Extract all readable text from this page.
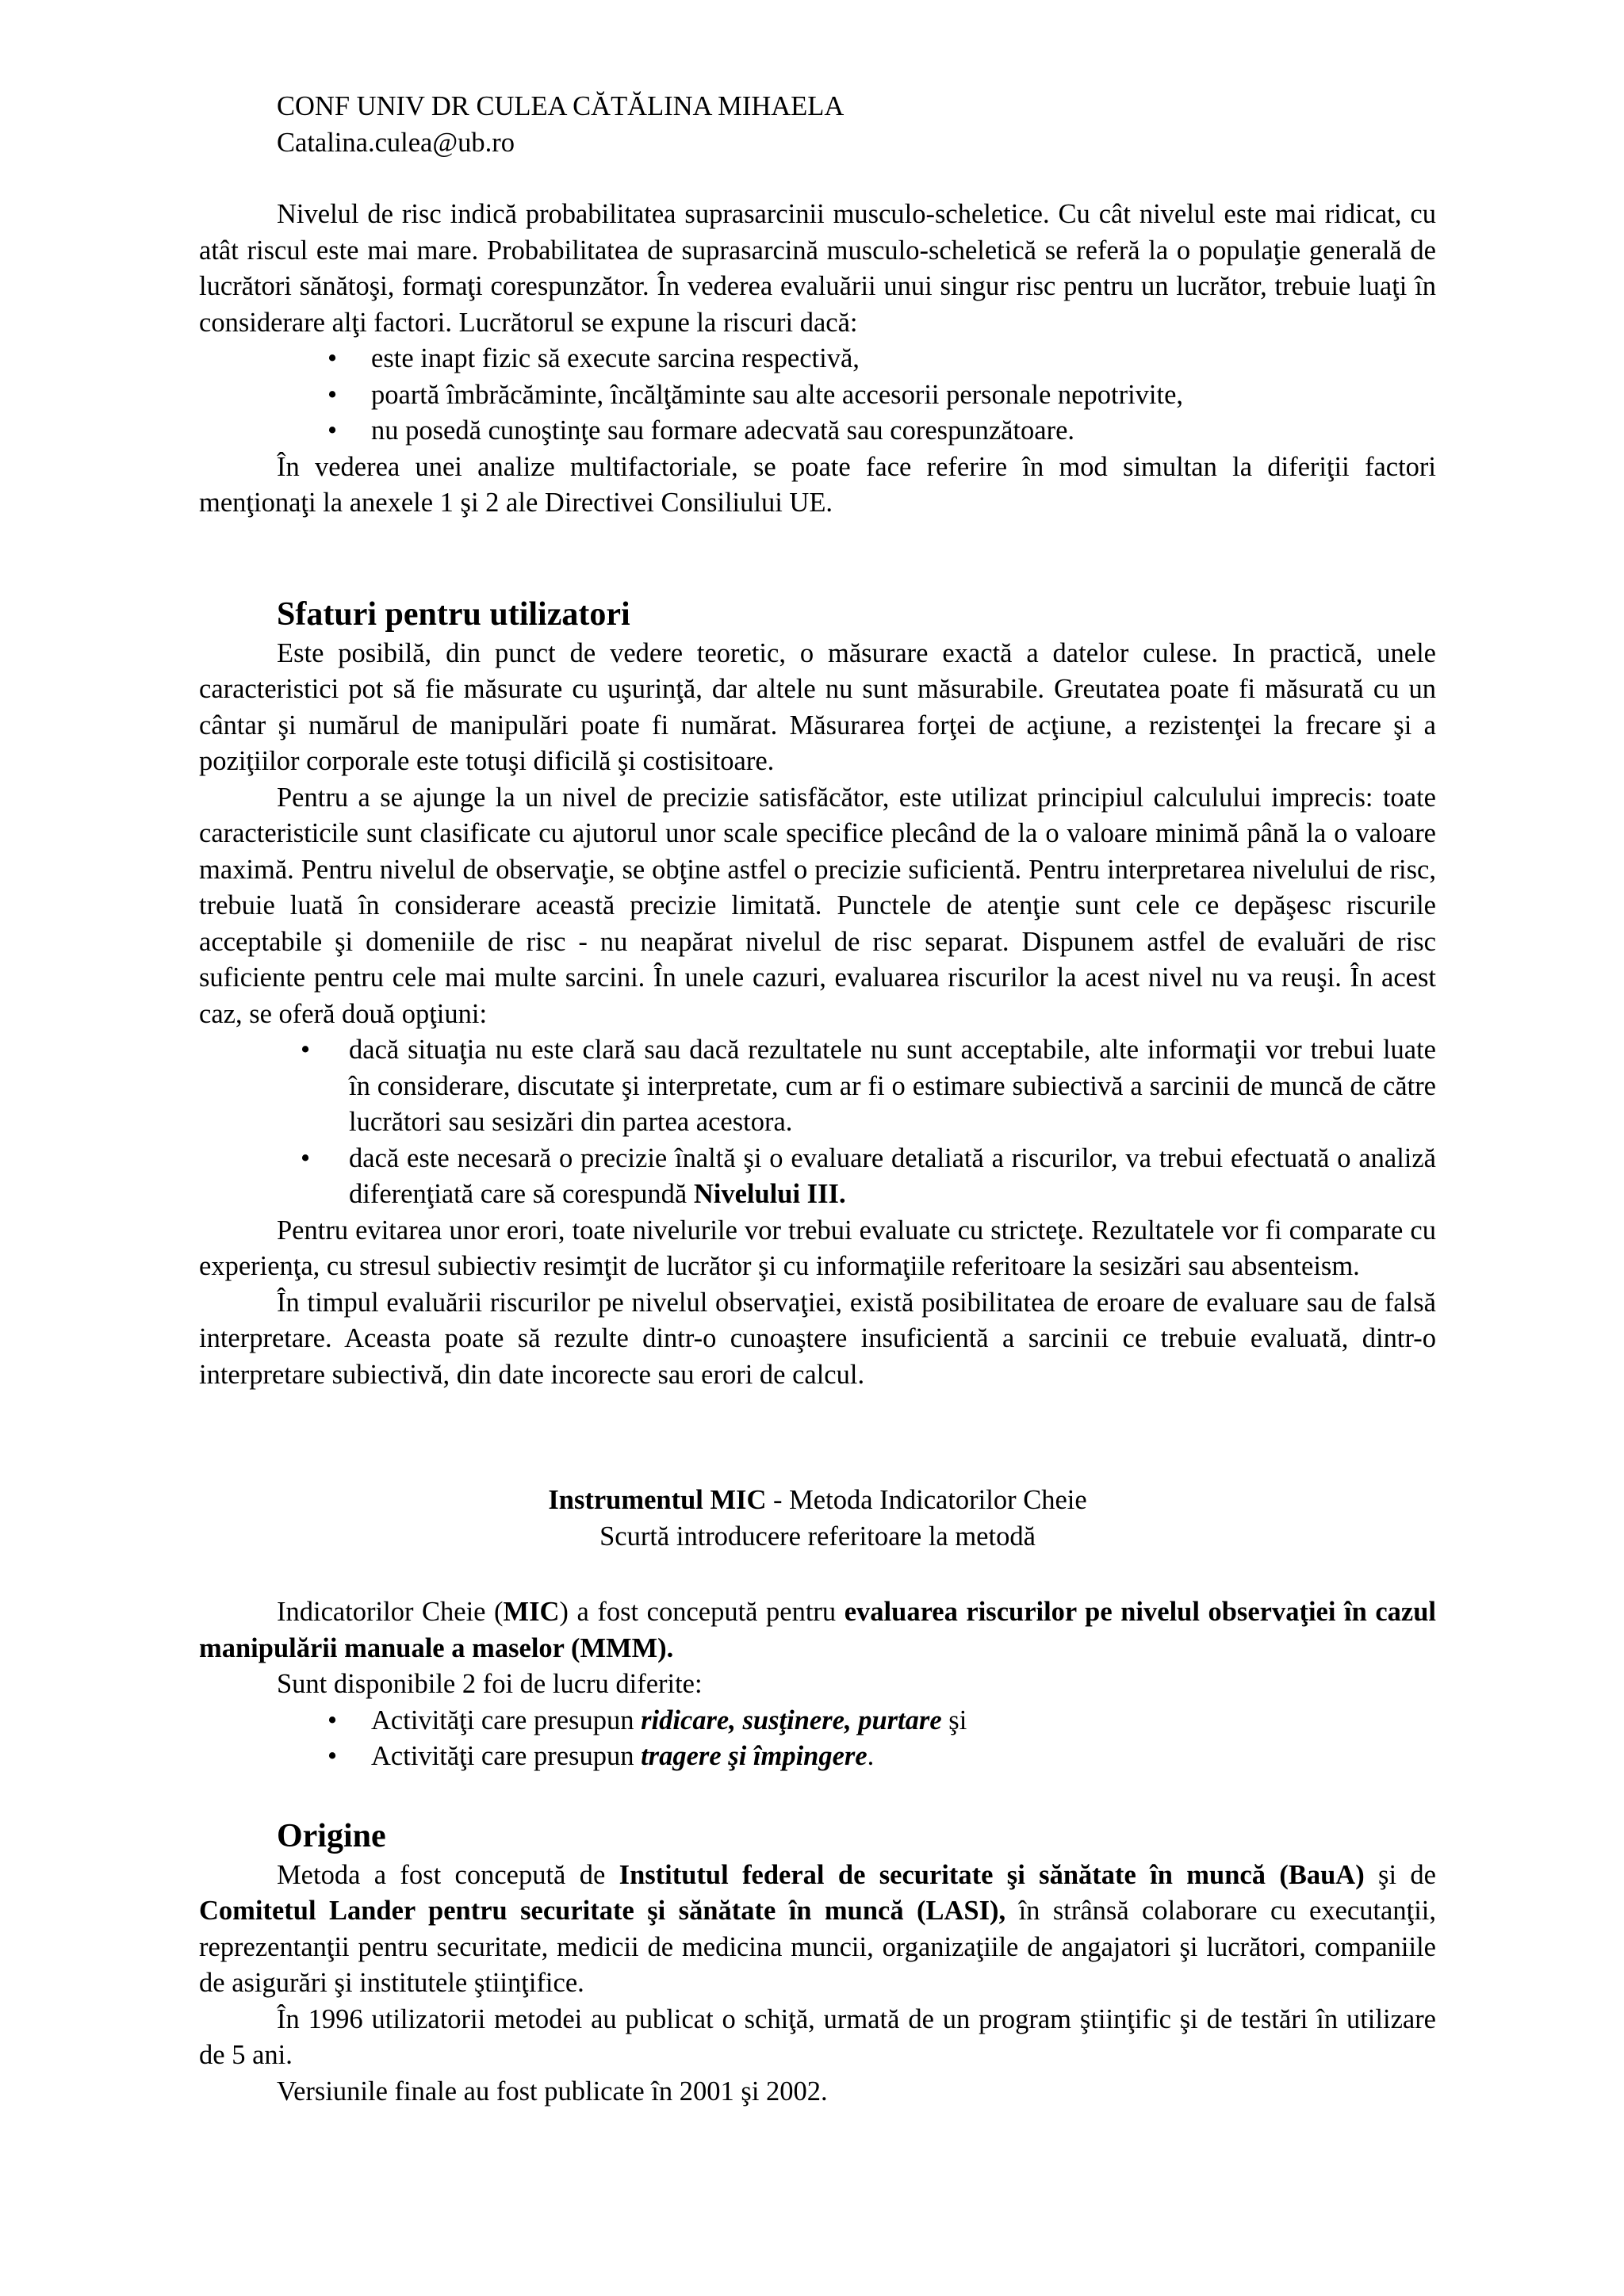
CONF UNIV DR CULEA CĂTĂLINA MIHAELA

Catalina.culea@ub.ro

Nivelul de risc indică probabilitatea suprasarcinii musculo-scheletice. Cu cât nivelul este mai ridicat, cu atât riscul este mai mare. Probabilitatea de suprasarcină musculo-scheletică se referă la o populaţie generală de lucrători sănătoşi, formaţi corespunzător. În vederea evaluării unui singur risc pentru un lucrător, trebuie luaţi în considerare alţi factori. Lucrătorul se expune la riscuri dacă:

• este inapt fizic să execute sarcina respectivă,
• poartă îmbrăcăminte, încălţăminte sau alte accesorii personale nepotrivite,
• nu posedă cunoştinţe sau formare adecvată sau corespunzătoare.

În vederea unei analize multifactoriale, se poate face referire în mod simultan la diferiţii factori menţionaţi la anexele 1 şi 2 ale Directivei Consiliului UE.

Sfaturi pentru utilizatori

Este posibilă, din punct de vedere teoretic, o măsurare exactă a datelor culese. In practică, unele caracteristici pot să fie măsurate cu uşurinţă, dar altele nu sunt măsurabile. Greutatea poate fi măsurată cu un cântar şi numărul de manipulări poate fi numărat. Măsurarea forţei de acţiune, a rezistenţei la frecare şi a poziţiilor corporale este totuşi dificilă şi costisitoare.

Pentru a se ajunge la un nivel de precizie satisfăcător, este utilizat principiul calculului imprecis: toate caracteristicile sunt clasificate cu ajutorul unor scale specifice plecând de la o valoare minimă până la o valoare maximă. Pentru nivelul de observaţie, se obţine astfel o precizie suficientă. Pentru interpretarea nivelului de risc, trebuie luată în considerare această precizie limitată. Punctele de atenţie sunt cele ce depăşesc riscurile acceptabile şi domeniile de risc - nu neapărat nivelul de risc separat. Dispunem astfel de evaluări de risc suficiente pentru cele mai multe sarcini. În unele cazuri, evaluarea riscurilor la acest nivel nu va reuşi. În acest caz, se oferă două opţiuni:

• dacă situaţia nu este clară sau dacă rezultatele nu sunt acceptabile, alte informaţii vor trebui luate în considerare, discutate şi interpretate, cum ar fi o estimare subiectivă a sarcinii de muncă de către lucrători sau sesizări din partea acestora.
• dacă este necesară o precizie înaltă şi o evaluare detaliată a riscurilor, va trebui efectuată o analiză diferenţiată care să corespundă Nivelului III.

Pentru evitarea unor erori, toate nivelurile vor trebui evaluate cu stricteţe. Rezultatele vor fi comparate cu experienţa, cu stresul subiectiv resimţit de lucrător şi cu informaţiile referitoare la sesizări sau absenteism.

În timpul evaluării riscurilor pe nivelul observaţiei, există posibilitatea de eroare de evaluare sau de falsă interpretare. Aceasta poate să rezulte dintr-o cunoaştere insuficientă a sarcinii ce trebuie evaluată, dintr-o interpretare subiectivă, din date incorecte sau erori de calcul.

Instrumentul MIC - Metoda Indicatorilor Cheie

Scurtă introducere referitoare la metodă

Indicatorilor Cheie (MIC) a fost concepută pentru evaluarea riscurilor pe nivelul observaţiei în cazul manipulării manuale a maselor (MMM).

Sunt disponibile 2 foi de lucru diferite:

• Activităţi care presupun ridicare, susţinere, purtare şi
• Activităţi care presupun tragere şi împingere.
Origine

Metoda a fost concepută de Institutul federal de securitate şi sănătate în muncă (BauA) şi de Comitetul Lander pentru securitate şi sănătate în muncă (LASI), în strânsă colaborare cu executanţii, reprezentanţii pentru securitate, medicii de medicina muncii, organizaţiile de angajatori şi lucrători, companiile de asigurări şi institutele ştiinţifice.

În 1996 utilizatorii metodei au publicat o schiţă, urmată de un program ştiinţific şi de testări în utilizare de 5 ani.

Versiunile finale au fost publicate în 2001 şi 2002.
